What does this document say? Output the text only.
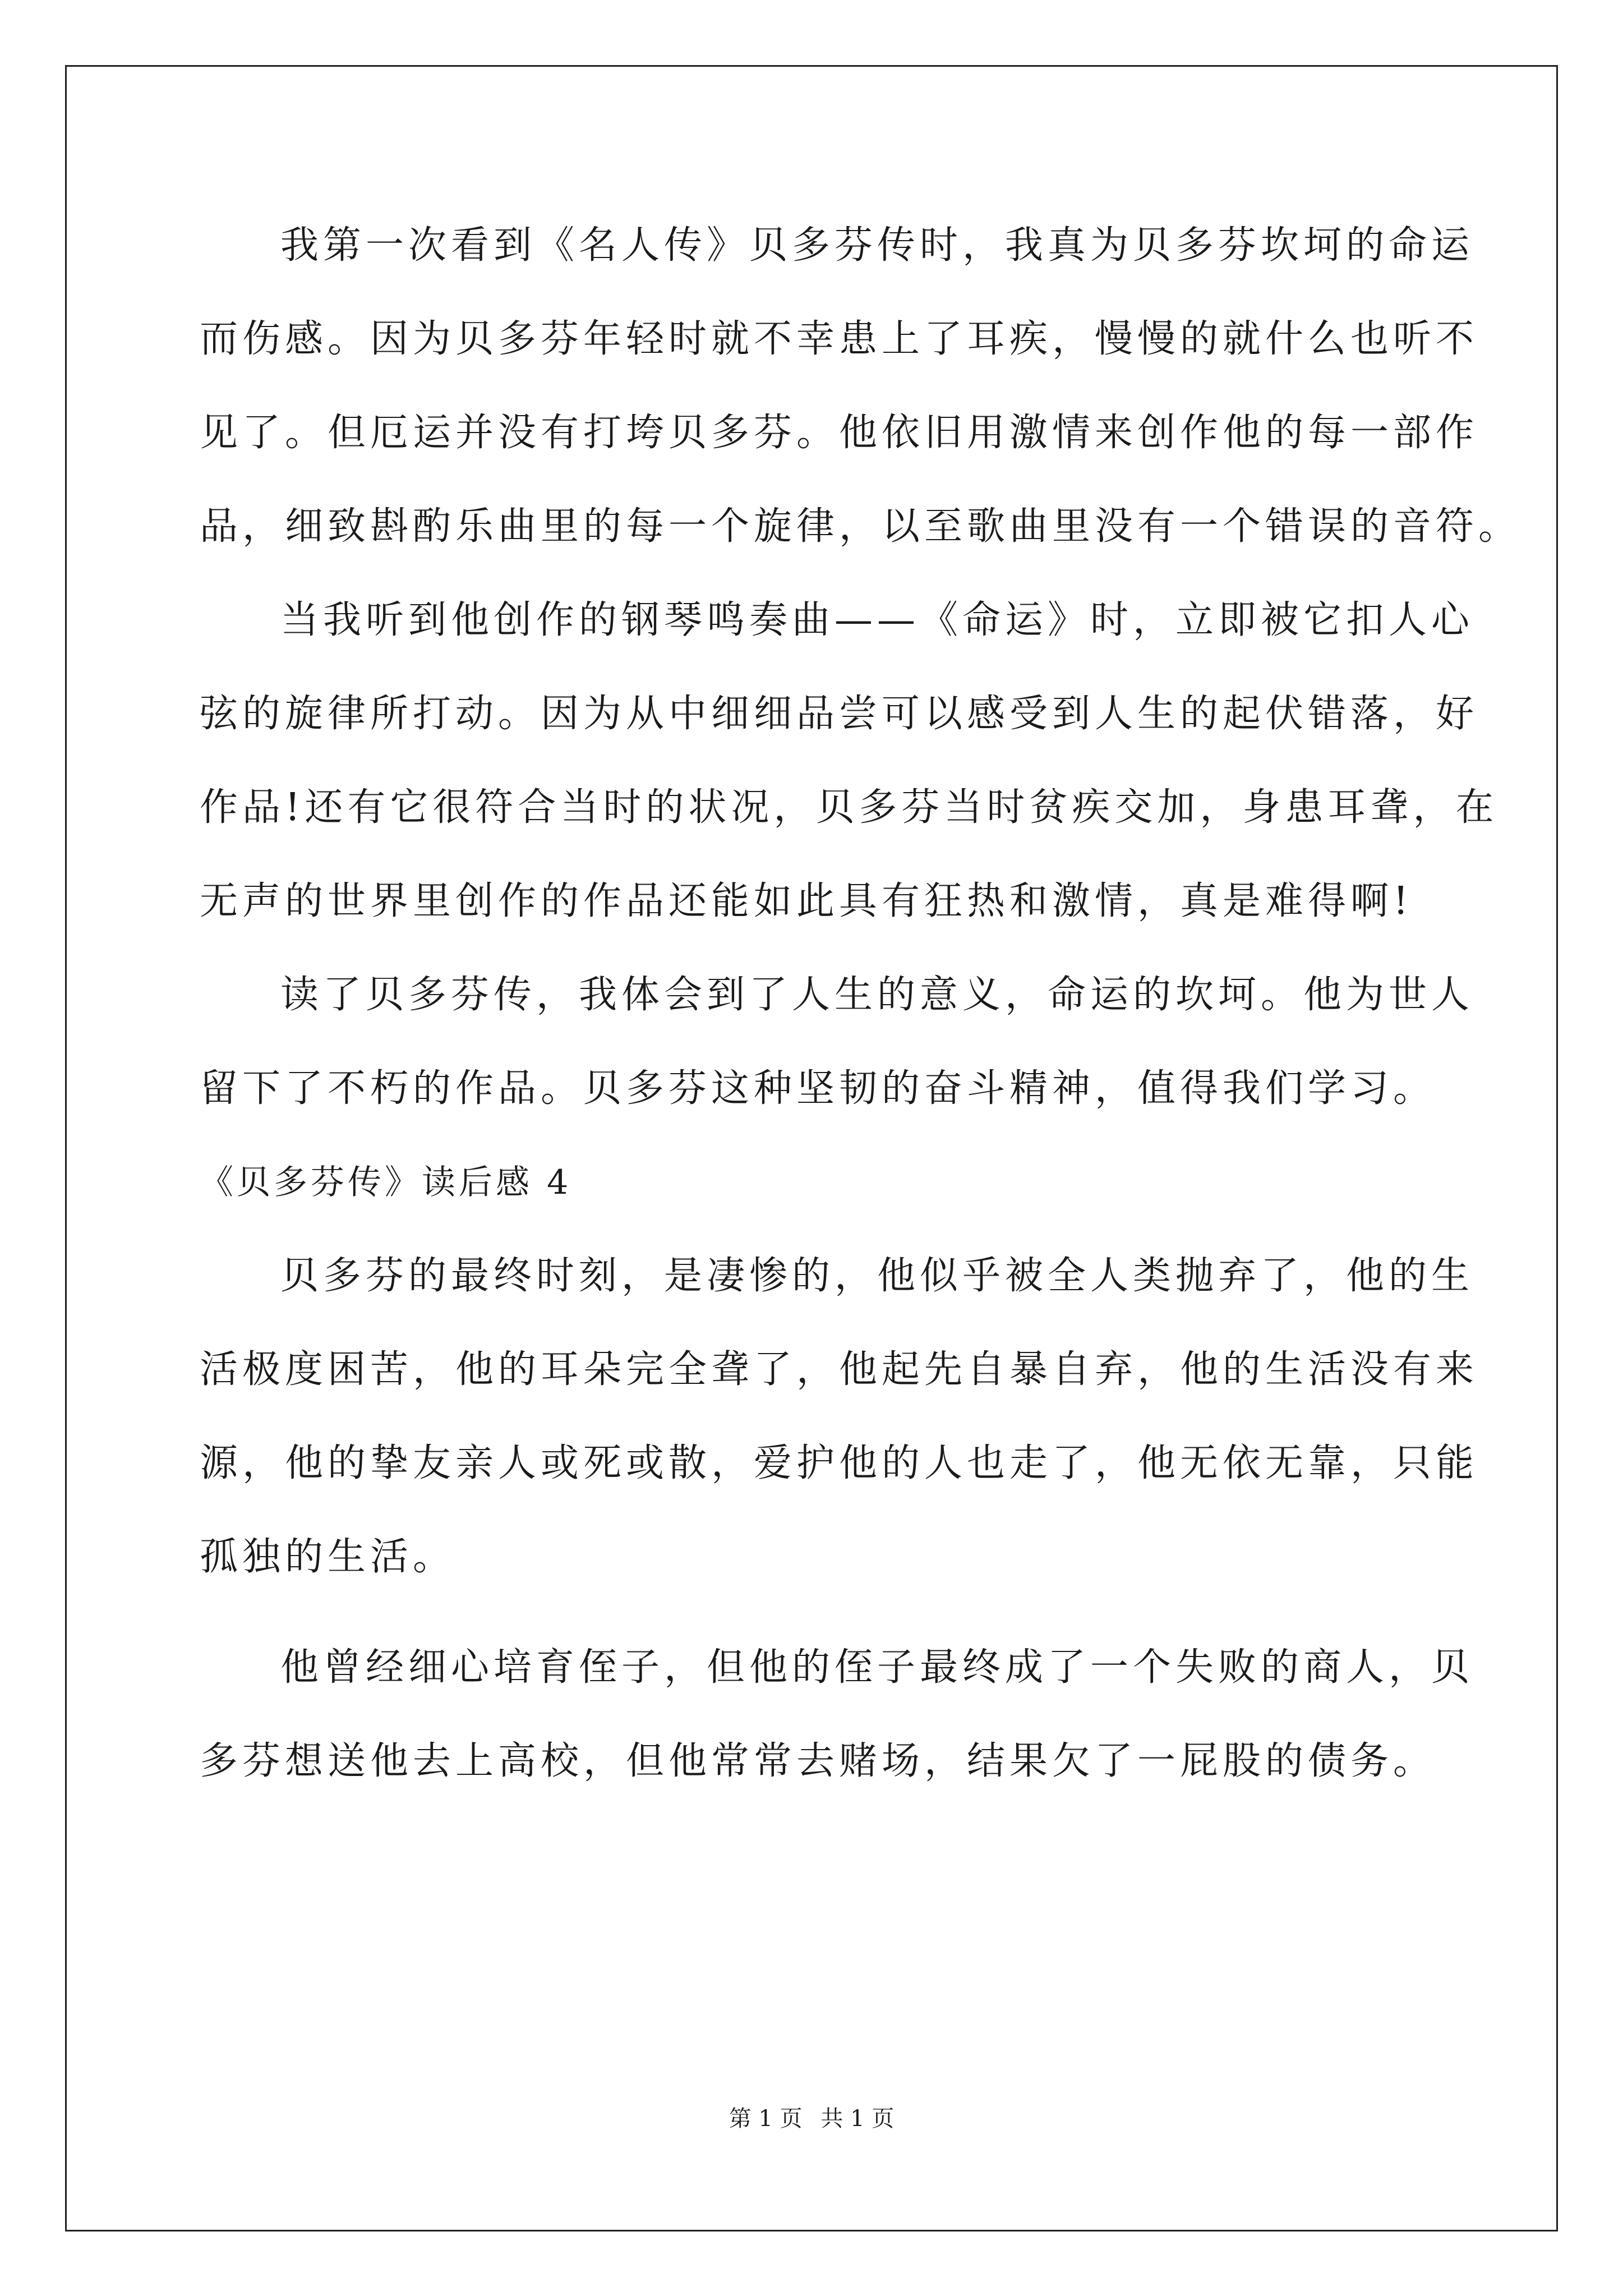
我第一次看到《名人传》贝多芬传时，我真为贝多芬坎坷的命运
而伤感。因为贝多芬年轻时就不幸患上了耳疾，慢慢的就什么也听不
见了。但厄运并没有打垮贝多芬。他依旧用激情来创作他的每一部作
品，细致斟酌乐曲里的每一个旋律，以至歌曲里没有一个错误的音符。
当我听到他创作的钢琴鸣奏曲——《命运》时，立即被它扣人心
弦的旋律所打动。因为从中细细品尝可以感受到人生的起伏错落，好
作品!还有它很符合当时的状况，贝多芬当时贫疾交加，身患耳聋，在
无声的世界里创作的作品还能如此具有狂热和激情，真是难得啊!
读了贝多芬传，我体会到了人生的意义，命运的坎坷。他为世人
留下了不朽的作品。贝多芬这种坚韧的奋斗精神，值得我们学习。
《贝多芬传》读后感 4
贝多芬的最终时刻，是凄惨的，他似乎被全人类抛弃了，他的生
活极度困苦，他的耳朵完全聋了，他起先自暴自弃，他的生活没有来
源，他的挚友亲人或死或散，爱护他的人也走了，他无依无靠，只能
孤独的生活。
他曾经细心培育侄子，但他的侄子最终成了一个失败的商人，贝
多芬想送他去上高校，但他常常去赌场，结果欠了一屁股的债务。
第 1 页 共 1 页
